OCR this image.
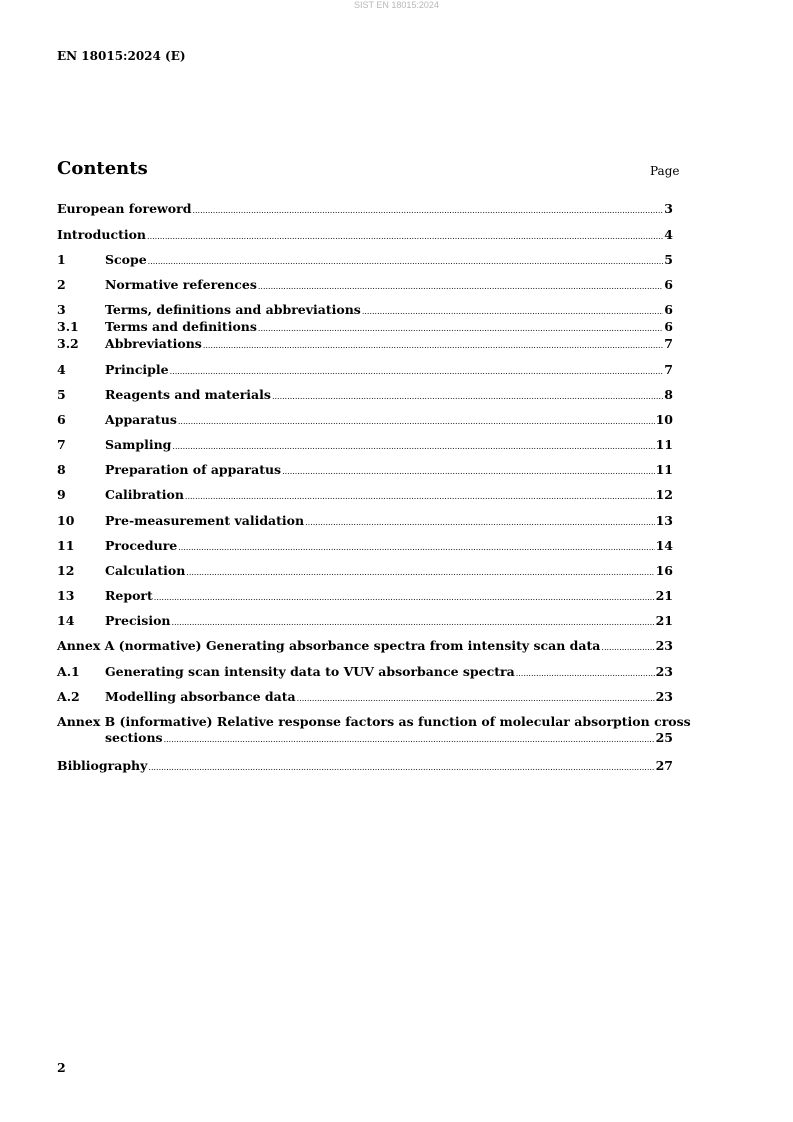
SIST EN 18015:2024
EN 18015:2024 (E)
Contents	Page
European foreword .....	3
Introduction .....	4
1	Scope .....	5
2	Normative references .....	6
3	Terms, definitions and abbreviations .....	6
3.1	Terms and definitions .....	6
3.2	Abbreviations .....	7
4	Principle .....	7
5	Reagents and materials .....	8
6	Apparatus .....	10
7	Sampling .....	11
8	Preparation of apparatus .....	11
9	Calibration .....	12
10	Pre-measurement validation .....	13
11	Procedure .....	14
12	Calculation .....	16
13	Report .....	21
14	Precision .....	21
Annex A (normative) Generating absorbance spectra from intensity scan data .....	23
A.1	Generating scan intensity data to VUV absorbance spectra .....	23
A.2	Modelling absorbance data .....	23
Annex B (informative) Relative response factors as function of molecular absorption cross
sections .....	25
Bibliography .....	27
2
